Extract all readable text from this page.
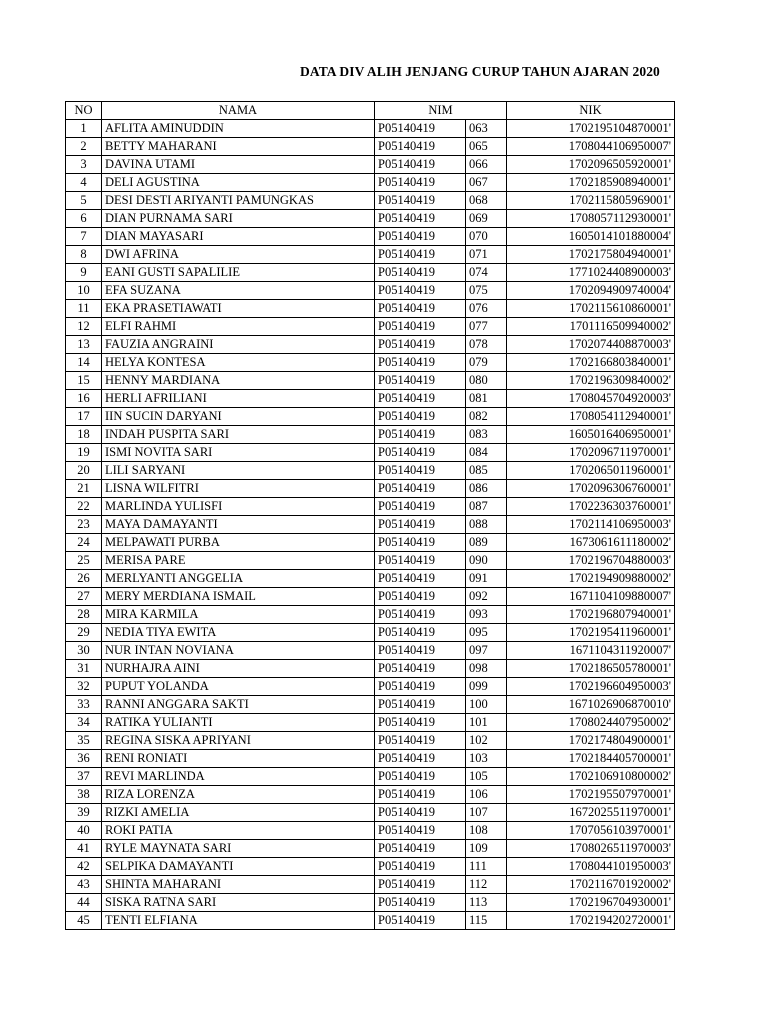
DATA DIV ALIH JENJANG CURUP TAHUN AJARAN 2020
NO	NAMA	NIM		NIK
1	AFLITA AMINUDDIN	P05140419	063	1702195104870001'
2	BETTY MAHARANI	P05140419	065	1708044106950007'
3	DAVINA UTAMI	P05140419	066	1702096505920001'
4	DELI AGUSTINA	P05140419	067	1702185908940001'
5	DESI DESTI ARIYANTI PAMUNGKAS	P05140419	068	1702115805969001'
6	DIAN PURNAMA SARI	P05140419	069	1708057112930001'
7	DIAN MAYASARI	P05140419	070	1605014101880004'
8	DWI AFRINA	P05140419	071	1702175804940001'
9	EANI GUSTI SAPALILIE	P05140419	074	1771024408900003'
10	EFA SUZANA	P05140419	075	1702094909740004'
11	EKA PRASETIAWATI	P05140419	076	1702115610860001'
12	ELFI RAHMI	P05140419	077	1701116509940002'
13	FAUZIA ANGRAINI	P05140419	078	1702074408870003'
14	HELYA KONTESA	P05140419	079	1702166803840001'
15	HENNY MARDIANA	P05140419	080	1702196309840002'
16	HERLI AFRILIANI	P05140419	081	1708045704920003'
17	IIN SUCIN DARYANI	P05140419	082	1708054112940001'
18	INDAH PUSPITA SARI	P05140419	083	1605016406950001'
19	ISMI NOVITA SARI	P05140419	084	1702096711970001'
20	LILI SARYANI	P05140419	085	1702065011960001'
21	LISNA WILFITRI	P05140419	086	1702096306760001'
22	MARLINDA YULISFI	P05140419	087	1702236303760001'
23	MAYA DAMAYANTI	P05140419	088	1702114106950003'
24	MELPAWATI PURBA	P05140419	089	1673061611180002'
25	MERISA PARE	P05140419	090	1702196704880003'
26	MERLYANTI ANGGELIA	P05140419	091	1702194909880002'
27	MERY MERDIANA ISMAIL	P05140419	092	1671104109880007'
28	MIRA KARMILA	P05140419	093	1702196807940001'
29	NEDIA TIYA EWITA	P05140419	095	1702195411960001'
30	NUR INTAN NOVIANA	P05140419	097	1671104311920007'
31	NURHAJRA AINI	P05140419	098	1702186505780001'
32	PUPUT YOLANDA	P05140419	099	1702196604950003'
33	RANNI ANGGARA SAKTI	P05140419	100	1671026906870010'
34	RATIKA YULIANTI	P05140419	101	1708024407950002'
35	REGINA SISKA APRIYANI	P05140419	102	1702174804900001'
36	RENI RONIATI	P05140419	103	1702184405700001'
37	REVI MARLINDA	P05140419	105	1702106910800002'
38	RIZA LORENZA	P05140419	106	1702195507970001'
39	RIZKI AMELIA	P05140419	107	1672025511970001'
40	ROKI PATIA	P05140419	108	1707056103970001'
41	RYLE MAYNATA SARI	P05140419	109	1708026511970003'
42	SELPIKA DAMAYANTI	P05140419	111	1708044101950003'
43	SHINTA MAHARANI	P05140419	112	1702116701920002'
44	SISKA RATNA SARI	P05140419	113	1702196704930001'
45	TENTI ELFIANA	P05140419	115	1702194202720001'
